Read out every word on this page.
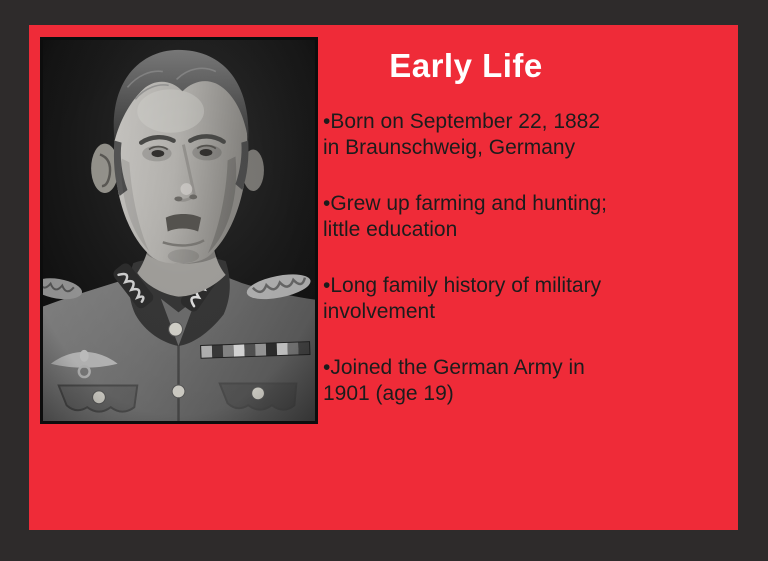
Early Life

•Born on September 22, 1882
in Braunschweig, Germany

•Grew up farming and hunting;
little education

•Long family history of military
involvement

•Joined the German Army in
1901 (age 19)
